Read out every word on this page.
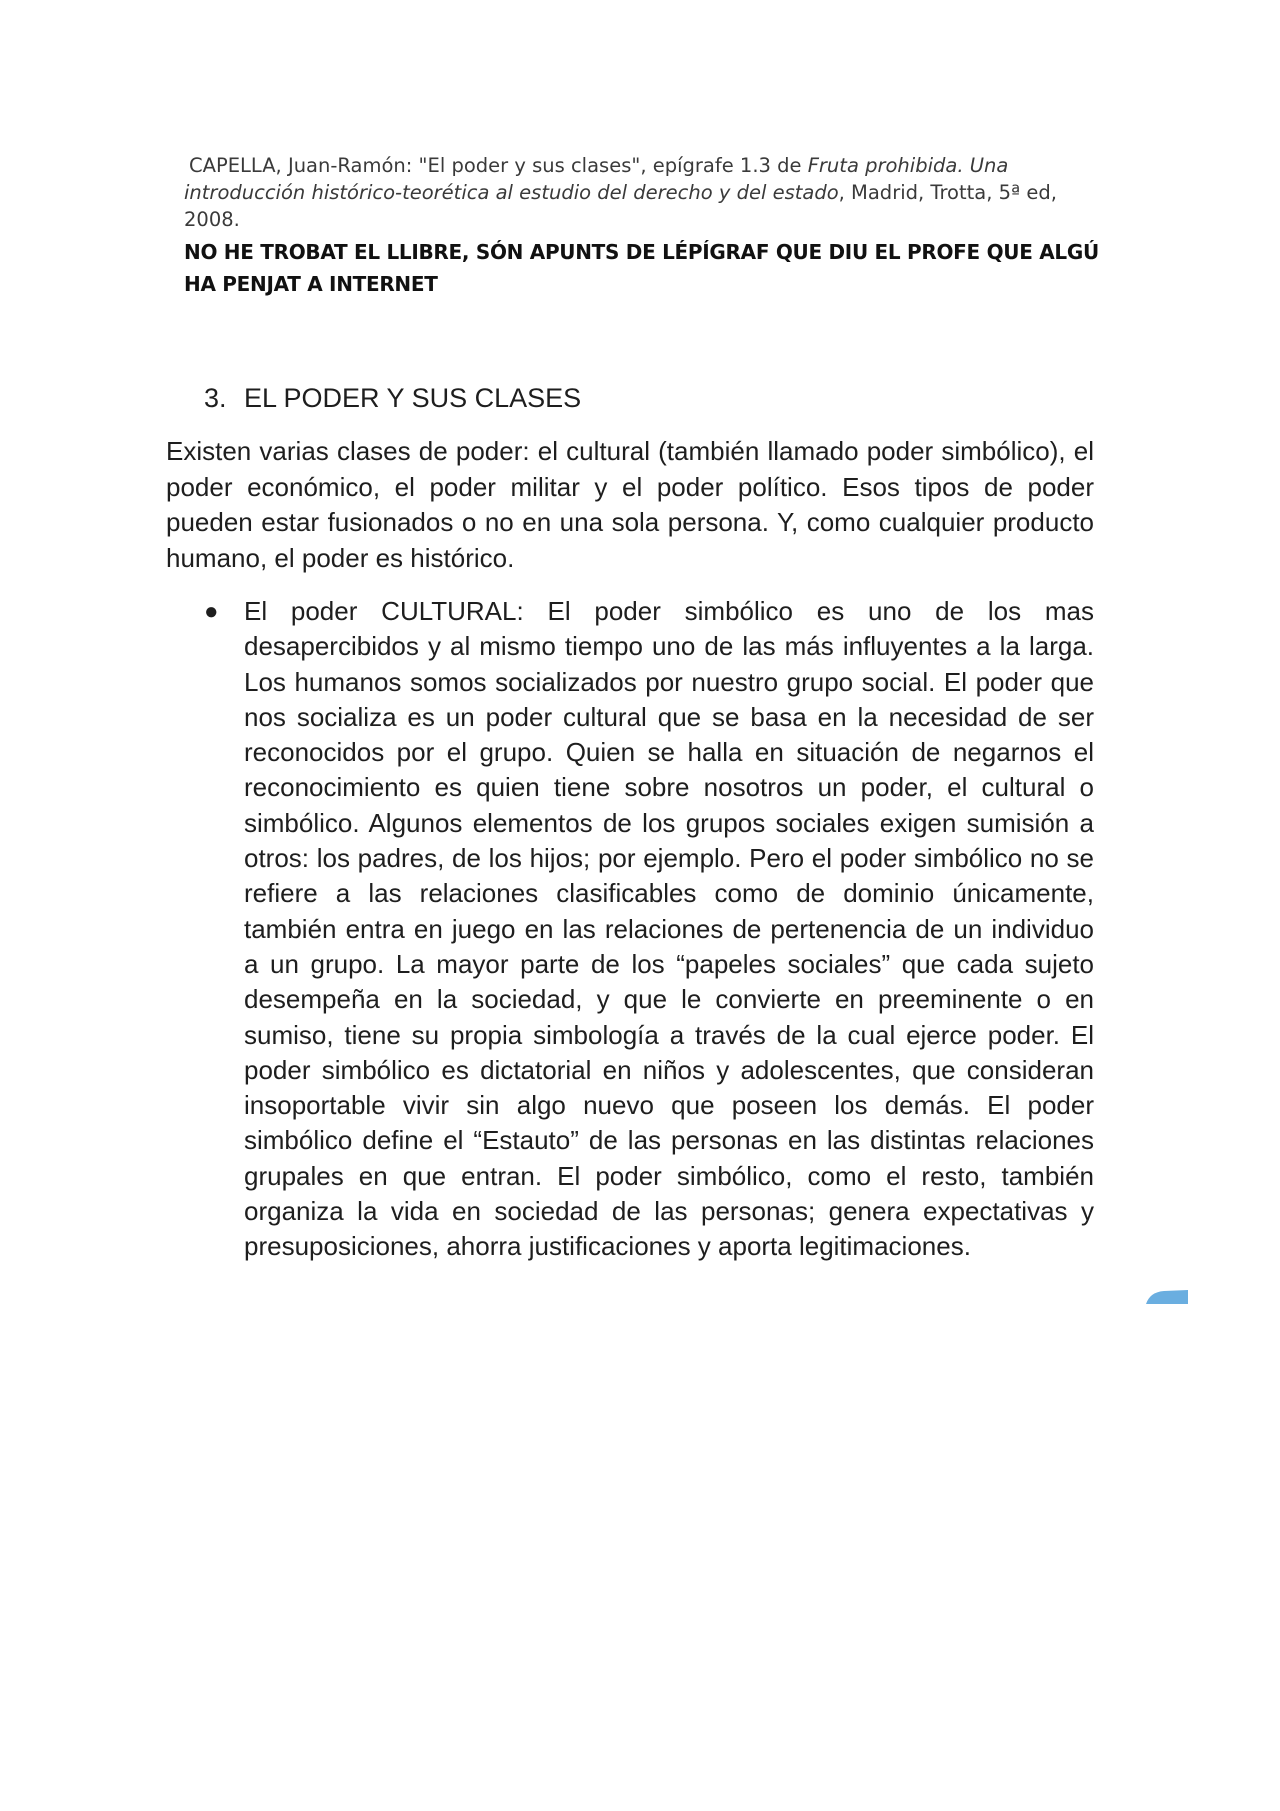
CAPELLA, Juan-Ramón: "El poder y sus clases", epígrafe 1.3 de Fruta prohibida. Una introducción histórico-teorética al estudio del derecho y del estado, Madrid, Trotta, 5ª ed, 2008.
NO HE TROBAT EL LLIBRE, SÓN APUNTS DE LÉPÍGRAF QUE DIU EL PROFE QUE ALGÚ HA PENJAT A INTERNET
3. EL PODER Y SUS CLASES

Existen varias clases de poder: el cultural (también llamado poder simbólico), el poder económico, el poder militar y el poder político. Esos tipos de poder pueden estar fusionados o no en una sola persona. Y, como cualquier producto humano, el poder es histórico.

● El poder CULTURAL: El poder simbólico es uno de los mas desapercibidos y al mismo tiempo uno de las más influyentes a la larga. Los humanos somos socializados por nuestro grupo social. El poder que nos socializa es un poder cultural que se basa en la necesidad de ser reconocidos por el grupo. Quien se halla en situación de negarnos el reconocimiento es quien tiene sobre nosotros un poder, el cultural o simbólico. Algunos elementos de los grupos sociales exigen sumisión a otros: los padres, de los hijos; por ejemplo. Pero el poder simbólico no se refiere a las relaciones clasificables como de dominio únicamente, también entra en juego en las relaciones de pertenencia de un individuo a un grupo. La mayor parte de los “papeles sociales” que cada sujeto desempeña en la sociedad, y que le convierte en preeminente o en sumiso, tiene su propia simbología a través de la cual ejerce poder. El poder simbólico es dictatorial en niños y adolescentes, que consideran insoportable vivir sin algo nuevo que poseen los demás. El poder simbólico define el “Estauto” de las personas en las distintas relaciones grupales en que entran. El poder simbólico, como el resto, también organiza la vida en sociedad de las personas; genera expectativas y presuposiciones, ahorra justificaciones y aporta legitimaciones.
